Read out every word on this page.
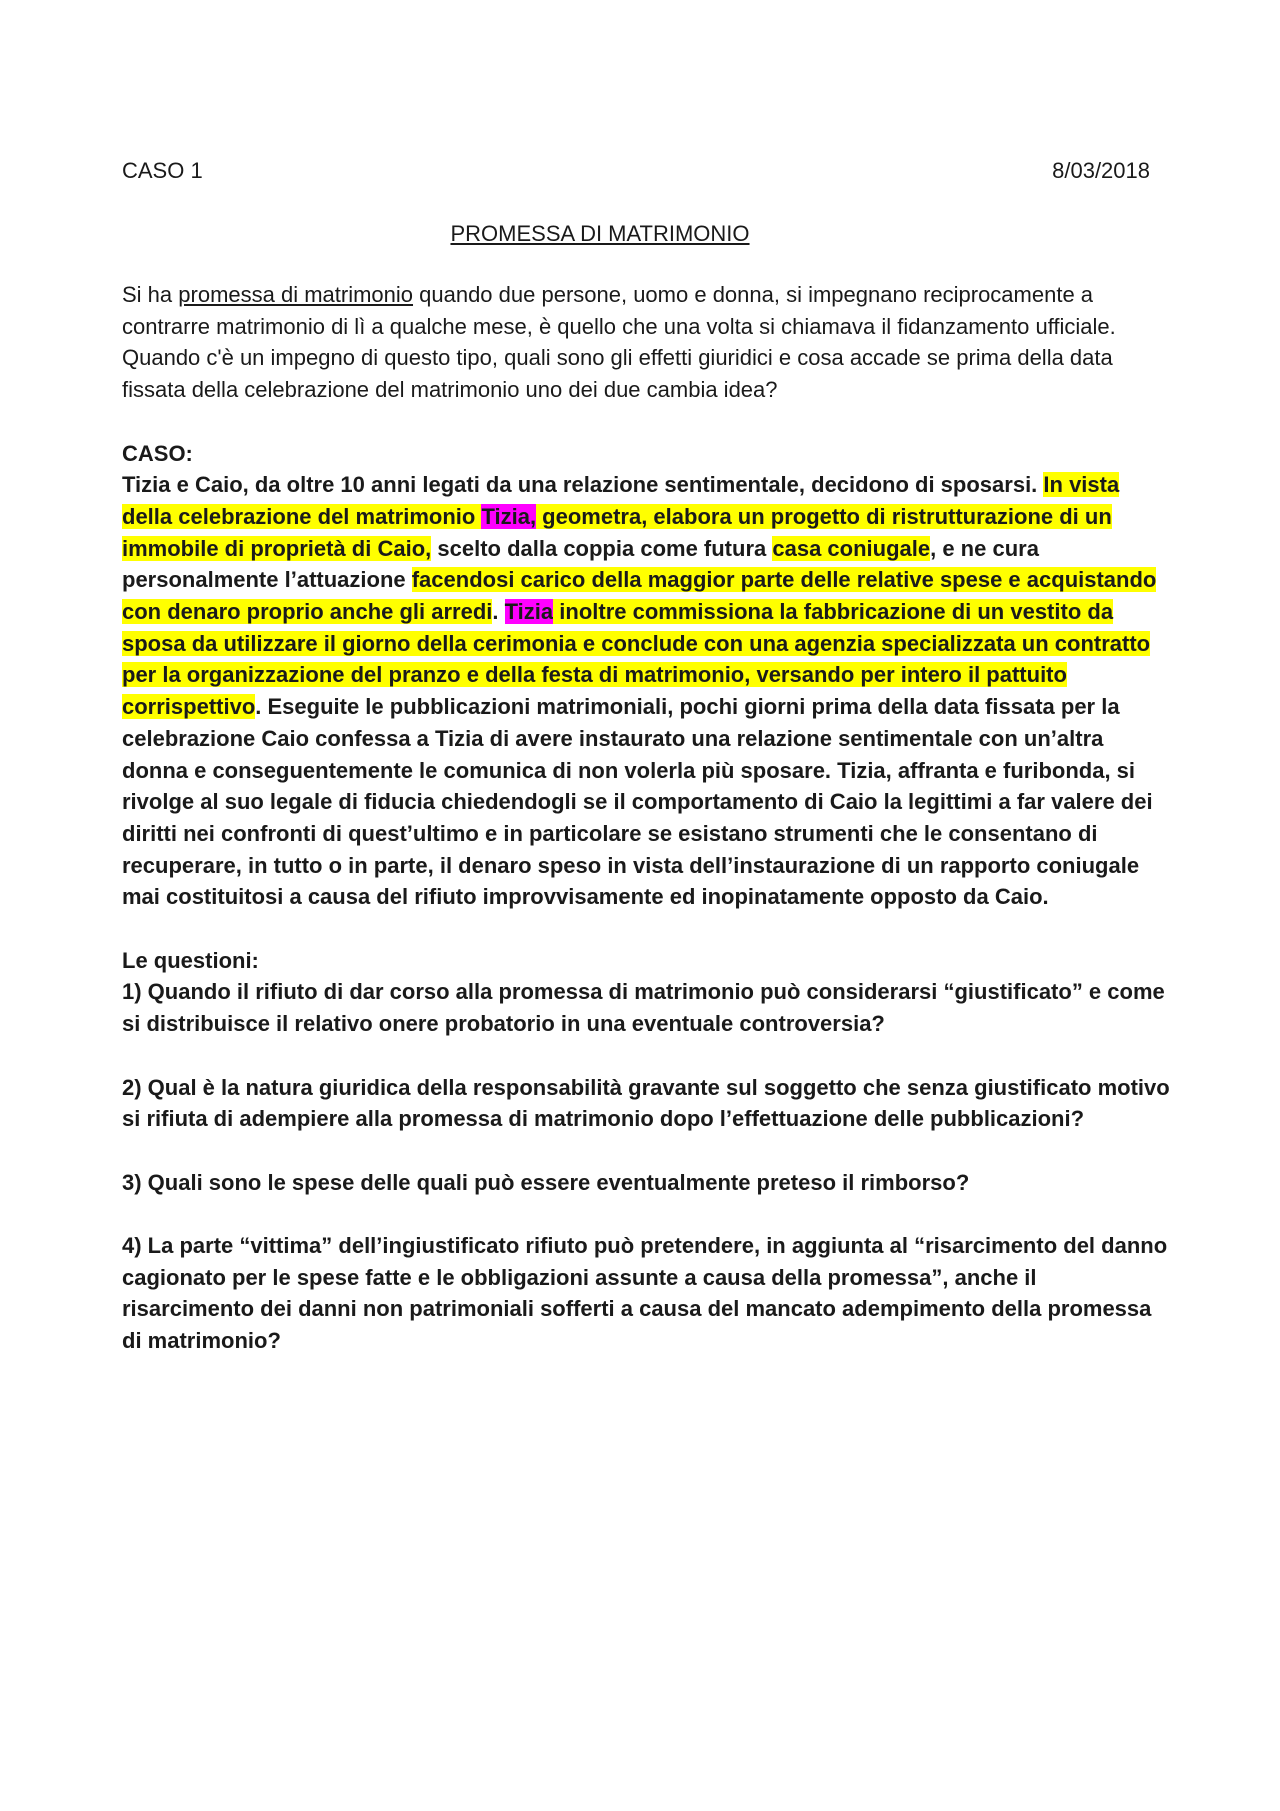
CASO 1	8/03/2018
PROMESSA DI MATRIMONIO

Si ha promessa di matrimonio quando due persone, uomo e donna, si impegnano reciprocamente a contrarre matrimonio di lì a qualche mese, è quello che una volta si chiamava il fidanzamento ufficiale.

Quando c'è un impegno di questo tipo, quali sono gli effetti giuridici e cosa accade se prima della data fissata della celebrazione del matrimonio uno dei due cambia idea?

CASO:

Tizia e Caio, da oltre 10 anni legati da una relazione sentimentale, decidono di sposarsi. In vista della celebrazione del matrimonio Tizia, geometra, elabora un progetto di ristrutturazione di un immobile di proprietà di Caio, scelto dalla coppia come futura casa coniugale, e ne cura personalmente l’attuazione facendosi carico della maggior parte delle relative spese e acquistando con denaro proprio anche gli arredi. Tizia inoltre commissiona la fabbricazione di un vestito da sposa da utilizzare il giorno della cerimonia e conclude con una agenzia specializzata un contratto per la organizzazione del pranzo e della festa di matrimonio, versando per intero il pattuito corrispettivo. Eseguite le pubblicazioni matrimoniali, pochi giorni prima della data fissata per la celebrazione Caio confessa a Tizia di avere instaurato una relazione sentimentale con un’altra donna e conseguentemente le comunica di non volerla più sposare. Tizia, affranta e furibonda, si rivolge al suo legale di fiducia chiedendogli se il comportamento di Caio la legittimi a far valere dei diritti nei confronti di quest’ultimo e in particolare se esistano strumenti che le consentano di recuperare, in tutto o in parte, il denaro speso in vista dell’instaurazione di un rapporto coniugale mai costituitosi a causa del rifiuto improvvisamente ed inopinatamente opposto da Caio.

Le questioni:

1) Quando il rifiuto di dar corso alla promessa di matrimonio può considerarsi “giustificato” e come si distribuisce il relativo onere probatorio in una eventuale controversia?

2) Qual è la natura giuridica della responsabilità gravante sul soggetto che senza giustificato motivo si rifiuta di adempiere alla promessa di matrimonio dopo l’effettuazione delle pubblicazioni?

3) Quali sono le spese delle quali può essere eventualmente preteso il rimborso?

4) La parte “vittima” dell’ingiustificato rifiuto può pretendere, in aggiunta al “risarcimento del danno cagionato per le spese fatte e le obbligazioni assunte a causa della promessa”, anche il risarcimento dei danni non patrimoniali sofferti a causa del mancato adempimento della promessa di matrimonio?
